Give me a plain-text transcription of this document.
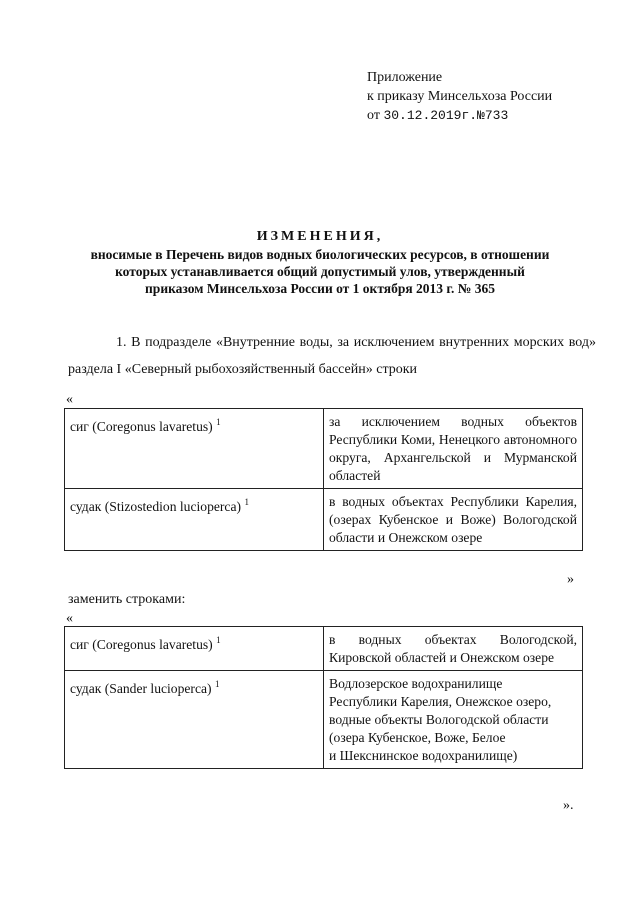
Приложение
к приказу Минсельхоза России
от 30.12.2019г.№733
ИЗМЕНЕНИЯ,
вносимые в Перечень видов водных биологических ресурсов, в отношении
которых устанавливается общий допустимый улов, утвержденный
приказом Минсельхоза России от 1 октября 2013 г. № 365
1. В подразделе «Внутренние воды, за исключением внутренних морских вод» раздела I «Северный рыбохозяйственный бассейн» строки
«
сиг (Coregonus lavaretus) $^1$	за исключением водных объектов Республики Коми, Ненецкого автономного округа, Архангельской и Мурманской областей
судак (Stizostedion lucioperca) $^1$	в водных объектах Республики Карелия, (озерах Кубенское и Воже) Вологодской области и Онежском озере
»
заменить строками:
«
сиг (Coregonus lavaretus) $^1$	в водных объектах Вологодской, Кировской областей и Онежском озере
судак (Sander lucioperca) $^1$	Водлозерское водохранилище
Республики Карелия, Онежское озеро,
водные объекты Вологодской области
(озера Кубенское, Воже, Белое
и Шекснинское водохранилище)
».
